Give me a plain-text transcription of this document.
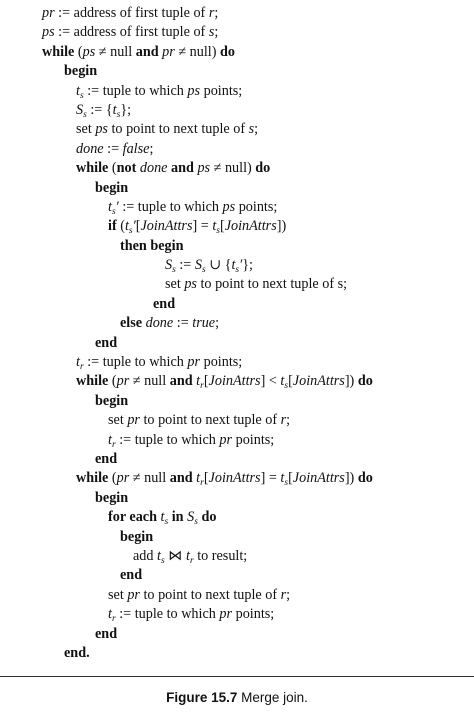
pr := address of first tuple of r;
ps := address of first tuple of s;
while (ps ≠ null and pr ≠ null) do
begin
$t_s$ := tuple to which ps points;
$S_s$ := $\{t_s\}$;
set ps to point to next tuple of s;
done := false;
while (not done and ps ≠ null) do
begin
$t_s'$ := tuple to which ps points;
if ($t_s'[JoinAttrs]$ = $t_s[JoinAttrs]$)
then begin
$S_s$ := $S_s$ ∪ $\{t_s'\}$;
set ps to point to next tuple of s;
end
else done := true;
end
$t_r$ := tuple to which pr points;
while (pr ≠ null and $t_r[JoinAttrs]$ < $t_s[JoinAttrs]$) do
begin
set pr to point to next tuple of r;
$t_r$ := tuple to which pr points;
end
while (pr ≠ null and $t_r[JoinAttrs]$ = $t_s[JoinAttrs]$) do
begin
for each $t_s$ in $S_s$ do
begin
add $t_s$ ⋈ $t_r$ to result;
end
set pr to point to next tuple of r;
$t_r$ := tuple to which pr points;
end
end.
Figure 15.7 Merge join.
